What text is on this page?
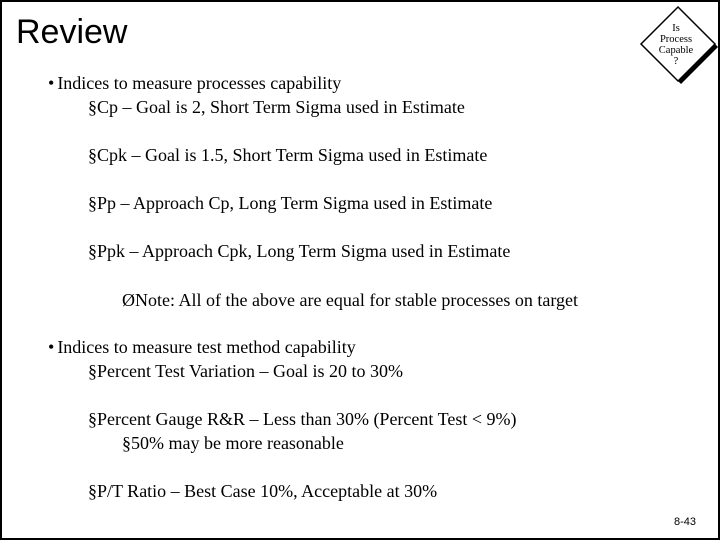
Review	Is
Process
Capable
?
• Indices to measure processes capability
§Cp – Goal is 2, Short Term Sigma used in Estimate
§Cpk – Goal is 1.5, Short Term Sigma used in Estimate
§Pp – Approach Cp, Long Term Sigma used in Estimate
§Ppk – Approach Cpk, Long Term Sigma used in Estimate
ØNote: All of the above are equal for stable processes on target
• Indices to measure test method capability
§Percent Test Variation – Goal is 20 to 30%
§Percent Gauge R&R – Less than 30% (Percent Test < 9%)
§50% may be more reasonable
§P/T Ratio – Best Case 10%, Acceptable at 30%
8-43
